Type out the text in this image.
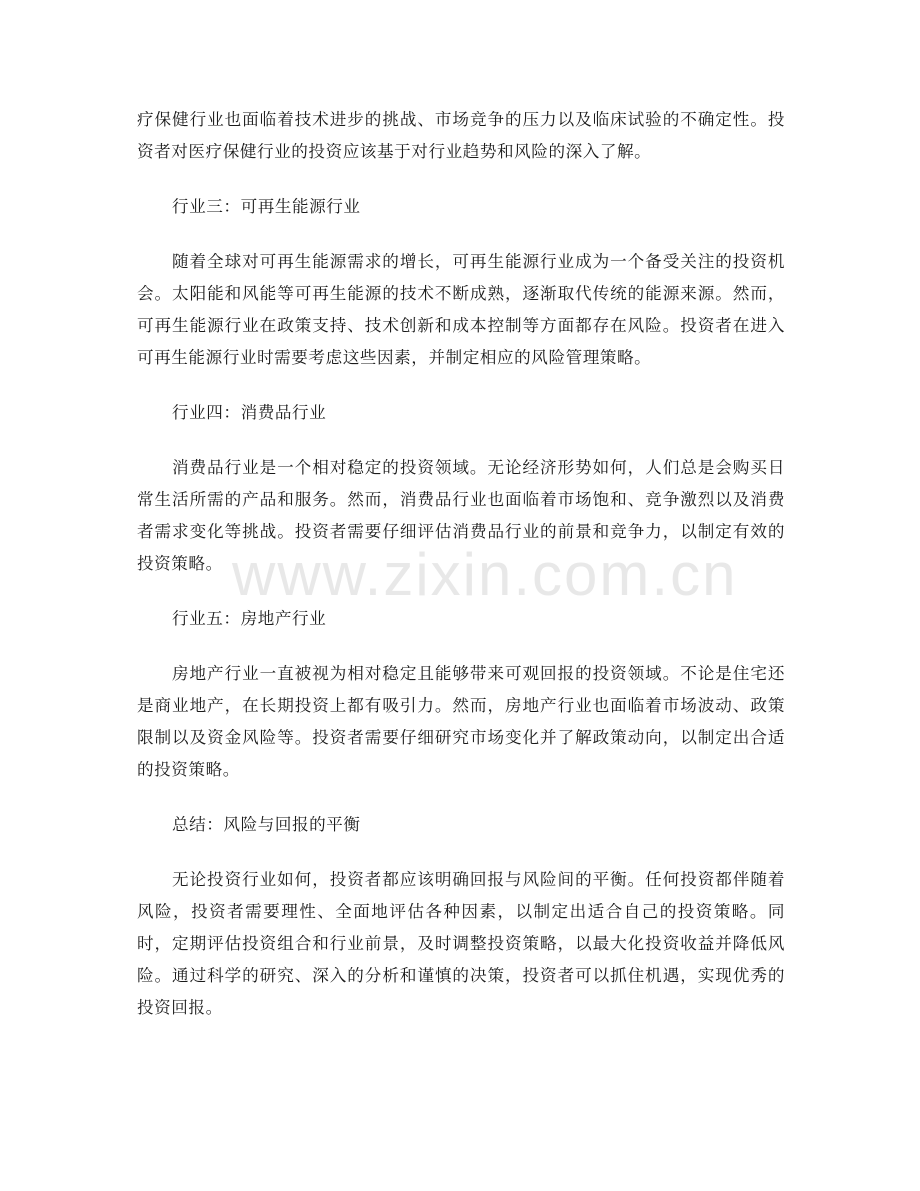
疗保健行业也面临着技术进步的挑战、市场竞争的压力以及临床试验的不确定性。投资者对医疗保健行业的投资应该基于对行业趋势和风险的深入了解。

行业三：可再生能源行业

随着全球对可再生能源需求的增长，可再生能源行业成为一个备受关注的投资机会。太阳能和风能等可再生能源的技术不断成熟，逐渐取代传统的能源来源。然而，可再生能源行业在政策支持、技术创新和成本控制等方面都存在风险。投资者在进入可再生能源行业时需要考虑这些因素，并制定相应的风险管理策略。

行业四：消费品行业

消费品行业是一个相对稳定的投资领域。无论经济形势如何，人们总是会购买日常生活所需的产品和服务。然而，消费品行业也面临着市场饱和、竞争激烈以及消费者需求变化等挑战。投资者需要仔细评估消费品行业的前景和竞争力，以制定有效的投资策略。

行业五：房地产行业

房地产行业一直被视为相对稳定且能够带来可观回报的投资领域。不论是住宅还是商业地产，在长期投资上都有吸引力。然而，房地产行业也面临着市场波动、政策限制以及资金风险等。投资者需要仔细研究市场变化并了解政策动向，以制定出合适的投资策略。

总结：风险与回报的平衡

无论投资行业如何，投资者都应该明确回报与风险间的平衡。任何投资都伴随着风险，投资者需要理性、全面地评估各种因素，以制定出适合自己的投资策略。同时，定期评估投资组合和行业前景，及时调整投资策略，以最大化投资收益并降低风险。通过科学的研究、深入的分析和谨慎的决策，投资者可以抓住机遇，实现优秀的投资回报。

www.zixin.com.cn
